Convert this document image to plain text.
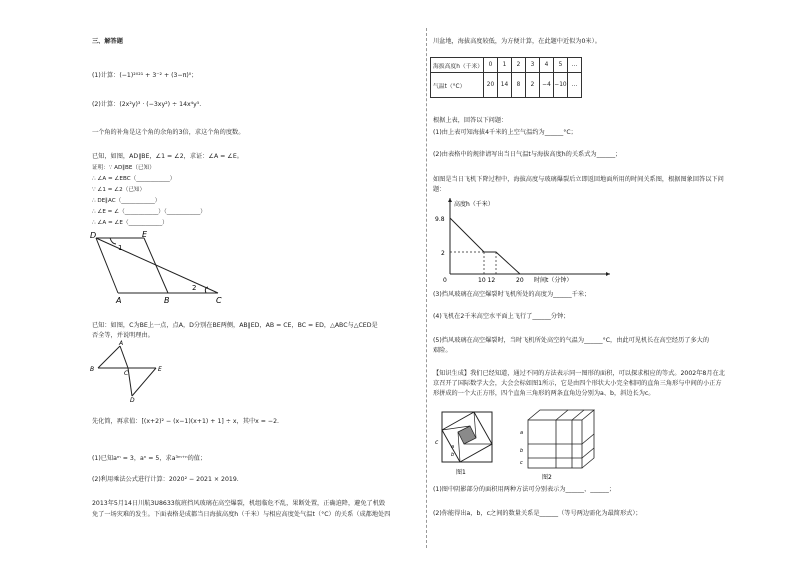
三、解答题
(1)计算：(−1)²⁰²¹ + 3⁻² + (3−π)⁰；
(2)计算：(2x²y)³ · (−3xy²) ÷ 14x⁴y⁵.
一个角的补角是这个角的余角的3倍，求这个角的度数。
已知，如图，AD∥BE，∠1 = ∠2，求证：∠A = ∠E。
证明：∵ AD∥BE（已知）
∴ ∠A = ∠EBC（____________）
∵ ∠1 = ∠2（已知）
∴ DE∥AC（____________）
∴ ∠E = ∠（____________）（____________）
∴ ∠A = ∠E（____________）
D	E
A	B	C
1
2
已知：如图，C为BE上一点，点A，D分别在BE两侧，AB∥ED，AB = CE，BC = ED，△ABC与△CED是
否全等，并说明理由。
A
B
C
E
D
先化简，再求值：[(x+2)² − (x−1)(x+1) + 1] ÷ x，其中x = −2.
(1)已知aᵐ = 3，aⁿ = 5，求a³ᵐ⁺ⁿ的值；
(2)利用乘法公式进行计算：2020² − 2021 × 2019.
2013年5月14日川航3U8633航班挡风玻璃在高空爆裂，机组临危不乱，果断处置，正确迫降，避免了机毁
免了一场灾难的发生。下面表格是成都当日海拔高度h（千米）与相应高度处气温t（°C）的关系（成都地处四
川盆地，海拔高度较低，为方便计算，在此题中近似为0米）。
海拔高度h（千米）	0	1	2	3	4	5	…
气温t（°C）	20	14	8	2	−4	−10	…
根据上表，回答以下问题：
(1)由上表可知海拔4千米的上空气温约为______°C；
(2)由表格中的规律请写出当日气温t与海拔高度h的关系式为______；
如图是当日飞机下降过程中，海拔高度与玻璃爆裂后立即返回地面所用的时间关系图，根据图象回答以下问
题：
高度h（千米）
时间t（分钟）
9.8
2
0	10 12	20
(3)挡风玻璃在高空爆裂时飞机所处的高度为______千米；
(4)飞机在2千米高空水平面上飞行了______分钟；
(5)挡风玻璃在高空爆裂时，当时飞机所处高空的气温为______°C，由此可见机长在高空经历了多大的
艰险。
【知识生成】我们已经知道，通过不同的方法表示同一图形的面积，可以探求相应的等式。2002年8月在北
京召开了国际数学大会，大会会标如图1所示，它是由四个形状大小完全相同的直角三角形与中间的小正方
形拼成的一个大正方形，四个直角三角形的两条直角边分别为a、b，斜边长为c。
c
a
b
图1
a
b
c
图2
(1)图中阴影部分的面积用两种方法可分别表示为______、______；
(2)你能得出a，b，c之间的数量关系是______（等号两边需化为最简形式）；
